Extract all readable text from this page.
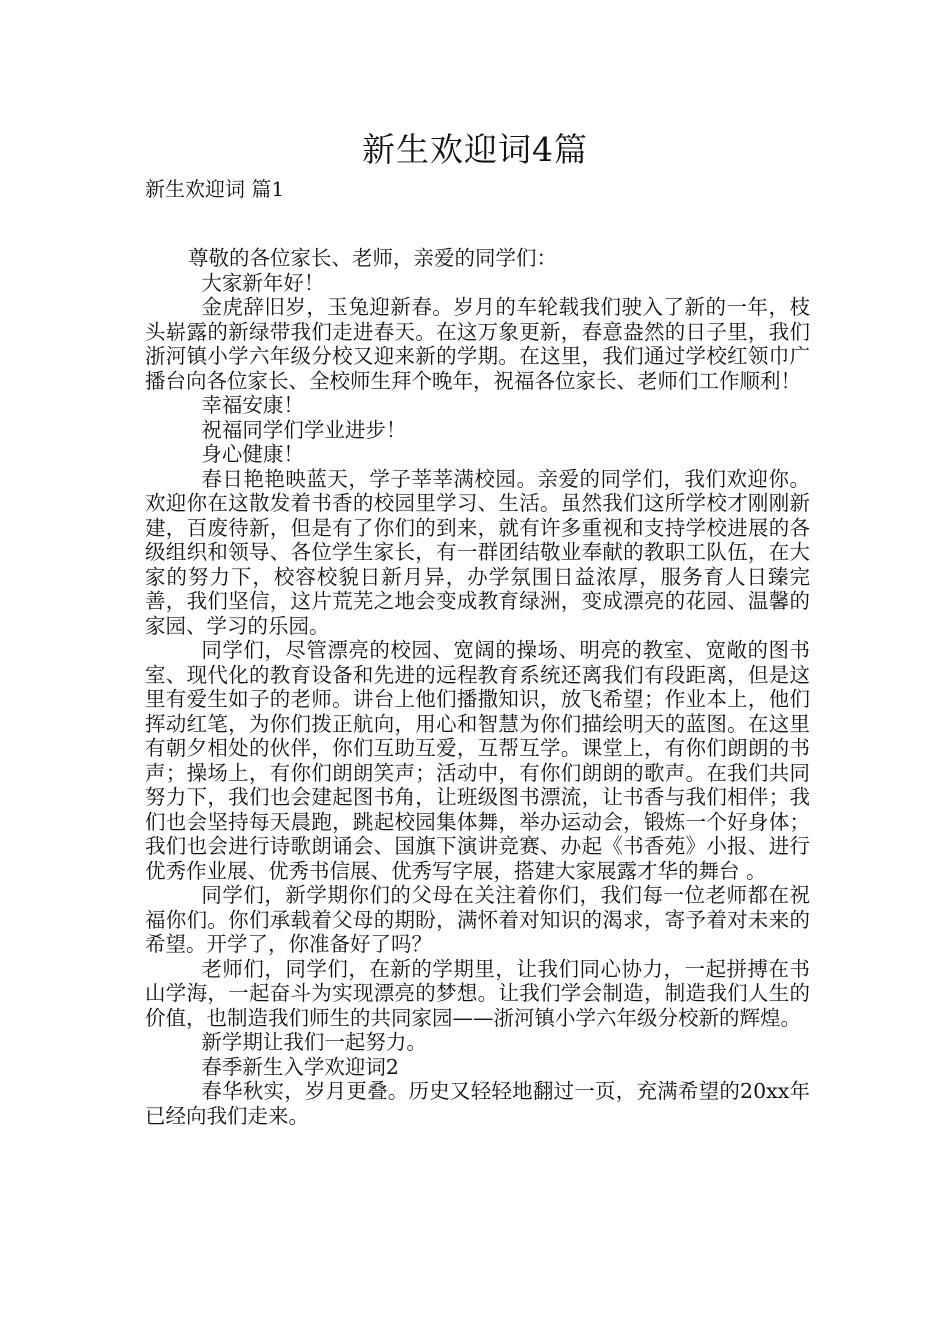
新生欢迎词4篇
新生欢迎词 篇1

尊敬的各位家长、老师，亲爱的同学们：

大家新年好！

金虎辞旧岁，玉兔迎新春。岁月的车轮载我们驶入了新的一年，枝头崭露的新绿带我们走进春天。在这万象更新，春意盎然的日子里，我们浙河镇小学六年级分校又迎来新的学期。在这里，我们通过学校红领巾广播台向各位家长、全校师生拜个晚年，祝福各位家长、老师们工作顺利！

幸福安康！

祝福同学们学业进步！

身心健康！

春日艳艳映蓝天，学子莘莘满校园。亲爱的同学们，我们欢迎你。欢迎你在这散发着书香的校园里学习、生活。虽然我们这所学校才刚刚新建，百废待新，但是有了你们的到来，就有许多重视和支持学校进展的各级组织和领导、各位学生家长，有一群团结敬业奉献的教职工队伍，在大家的努力下，校容校貌日新月异，办学氛围日益浓厚，服务育人日臻完善，我们坚信，这片荒芜之地会变成教育绿洲，变成漂亮的花园、温馨的家园、学习的乐园。

同学们，尽管漂亮的校园、宽阔的操场、明亮的教室、宽敞的图书室、现代化的教育设备和先进的远程教育系统还离我们有段距离，但是这里有爱生如子的老师。讲台上他们播撒知识，放飞希望；作业本上，他们挥动红笔，为你们拨正航向，用心和智慧为你们描绘明天的蓝图。在这里有朝夕相处的伙伴，你们互助互爱，互帮互学。课堂上，有你们朗朗的书声；操场上，有你们朗朗笑声；活动中，有你们朗朗的歌声。在我们共同努力下，我们也会建起图书角，让班级图书漂流，让书香与我们相伴；我们也会坚持每天晨跑，跳起校园集体舞，举办运动会，锻炼一个好身体；我们也会进行诗歌朗诵会、国旗下演讲竞赛、办起《书香苑》小报、进行优秀作业展、优秀书信展、优秀写字展，搭建大家展露才华的舞台 。

同学们，新学期你们的父母在关注着你们，我们每一位老师都在祝福你们。你们承载着父母的期盼，满怀着对知识的渴求，寄予着对未来的希望。开学了，你准备好了吗？

老师们，同学们，在新的学期里，让我们同心协力，一起拼搏在书山学海，一起奋斗为实现漂亮的梦想。让我们学会制造，制造我们人生的价值，也制造我们师生的共同家园——浙河镇小学六年级分校新的辉煌。

新学期让我们一起努力。

春季新生入学欢迎词2

春华秋实，岁月更叠。历史又轻轻地翻过一页，充满希望的20xx年已经向我们走来。
